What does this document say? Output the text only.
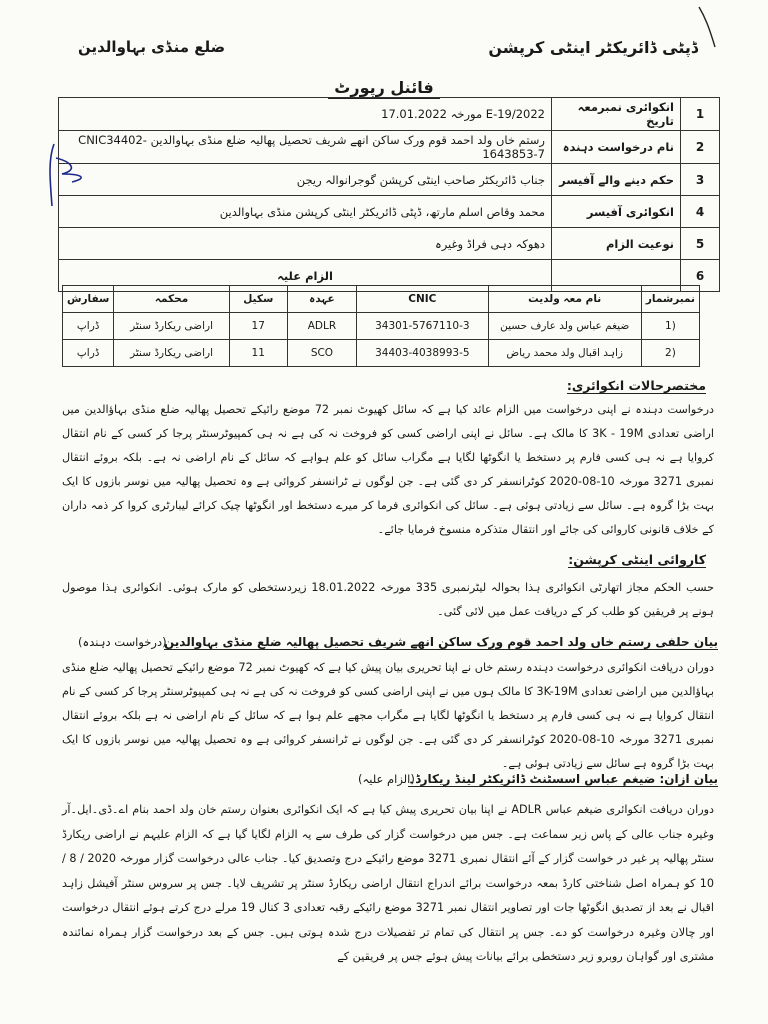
ضلع منڈی بہاوالدین	ڈپٹی ڈائریکٹر اینٹی کرپشن
فائنل رپورٹ
1	انکوائری نمبرمعہ تاریخ	E-19/2022 مورخہ 17.01.2022
2	نام درخواست دہندہ	رستم خاں ولد احمد قوم ورک ساکن انھے شریف تحصیل پھالیہ ضلع منڈی بہاوالدین CNIC34402-1643853-7
3	حکم دینے والے آفیسر	جناب ڈائریکٹر صاحب اینٹی کرپشن گوجرانوالہ ریجن
4	انکوائری آفیسر	محمد وقاص اسلم مارتھ، ڈپٹی ڈائریکٹر اینٹی کرپشن منڈی بہاوالدین
5	نوعیت الزام	دھوکہ دہی فراڈ وغیرہ
6		الزام علیہ
نمبرشمار	نام معہ ولدیت	CNIC	عہدہ	سکیل	محکمہ	سفارش
1)	ضیغم عباس ولد عارف حسین	34301-5767110-3	ADLR	17	اراضی ریکارڈ سنٹر	ڈراپ
2)	زاہد اقبال ولد محمد ریاض	34403-4038993-5	SCO	11	اراضی ریکارڈ سنٹر	ڈراپ
مختصرحالات انکوائری:
درخواست دہندہ نے اپنی درخواست میں الزام عائد کیا ہے کہ سائل کھیوٹ نمبر 72 موضع رائیکے تحصیل پھالیہ ضلع منڈی بہاؤالدین میں اراضی تعدادی 3K - 19M کا مالک ہے۔ سائل نے اپنی اراضی کسی کو فروخت نہ کی ہے نہ ہی کمپیوٹرسنٹر پرجا کر کسی کے نام انتقال کروایا ہے نہ ہی کسی فارم پر دستخط یا انگوٹھا لگایا ہے مگراب سائل کو علم ہواہے کہ سائل کے نام اراضی نہ ہے۔ بلکہ بروئے انتقال نمبری 3271 مورخہ 10-08-2020 کوٹرانسفر کر دی گئی ہے۔ جن لوگوں نے ٹرانسفر کروائی ہے وہ تحصیل پھالیہ میں نوسر بازوں کا ایک بہت بڑا گروہ ہے۔ سائل سے زیادتی ہوئی ہے۔ سائل کی انکوائری فرما کر میرے دستخط اور انگوٹھا چیک کرائے لیبارٹری کروا کر ذمہ داران کے خلاف قانونی کاروائی کی جائے اور انتقال متذکرہ منسوخ فرمایا جائے۔
کاروائی اینٹی کرپشن:
حسب الحکم مجاز اتھارٹی انکوائری ہذا بحوالہ لیٹرنمبری 335 مورخہ 18.01.2022 زیردستخطی کو مارک ہوئی۔ انکوائری ہذا موصول ہونے پر فریقین کو طلب کر کے دریافت عمل میں لائی گئی۔
بیان حلفی رستم خاں ولد احمد قوم ورک ساکن انھے شریف تحصیل پھالیہ ضلع منڈی بہاوالدین
(درخواست دہندہ)
دوران دریافت انکوائری درخواست دہندہ رستم خاں نے اپنا تحریری بیان پیش کیا ہے کہ کھیوٹ نمبر 72 موضع رائیکے تحصیل پھالیہ ضلع منڈی بہاؤالدین میں اراضی تعدادی 3K-19M کا مالک ہوں میں نے اپنی اراضی کسی کو فروخت نہ کی ہے نہ ہی کمپیوٹرسنٹر پرجا کر کسی کے نام انتقال کروایا ہے نہ ہی کسی فارم پر دستخط یا انگوٹھا لگایا ہے مگراب مجھے علم ہوا ہے کہ سائل کے نام اراضی نہ ہے بلکہ بروئے انتقال نمبری 3271 مورخہ 10-08-2020 کوٹرانسفر کر دی گئی ہے۔ جن لوگوں نے ٹرانسفر کروائی ہے وہ تحصیل پھالیہ میں نوسر بازوں کا ایک بہت بڑا گروہ ہے سائل سے زیادتی ہوئی ہے۔
بیان ازان: ضیغم عباس اسسٹنٹ ڈائریکٹر لینڈ ریکارڈ۔
(الزام علیہ)
دوران دریافت انکوائری ضیغم عباس ADLR نے اپنا بیان تحریری پیش کیا ہے کہ ایک انکوائری بعنوان رستم خان ولد احمد بنام اے۔ڈی۔ایل۔آر وغیرہ جناب عالی کے پاس زیر سماعت ہے۔ جس میں درخواست گزار کی طرف سے یہ الزام لگایا گیا ہے کہ الزام علیہم نے اراضی ریکارڈ سنٹر پھالیہ پر غیر در خواست گزار کے آئے انتقال نمبری 3271 موضع رائیکے درج وتصدیق کیا۔ جناب عالی درخواست گزار مورخہ 2020 / 8 / 10 کو ہمراہ اصل شناختی کارڈ بمعہ درخواست برائے اندراج انتقال اراضی ریکارڈ سنٹر پر تشریف لایا۔ جس پر سروس سنٹر آفیشل زاہد اقبال نے بعد از تصدیق انگوٹھا جات اور تصاویر انتقال نمبر 3271 موضع رائیکے رقبہ تعدادی 3 کنال 19 مرلے درج کرتے ہوئے انتقال درخواست اور چالان وغیرہ درخواست کو دے۔ جس پر انتقال کی تمام تر تفصیلات درج شدہ ہوتی ہیں۔ جس کے بعد درخواست گزار ہمراہ نمائندہ مشتری اور گواہان روبرو زیر دستخطی برائے بیانات پیش ہوئے جس پر فریقین کے
